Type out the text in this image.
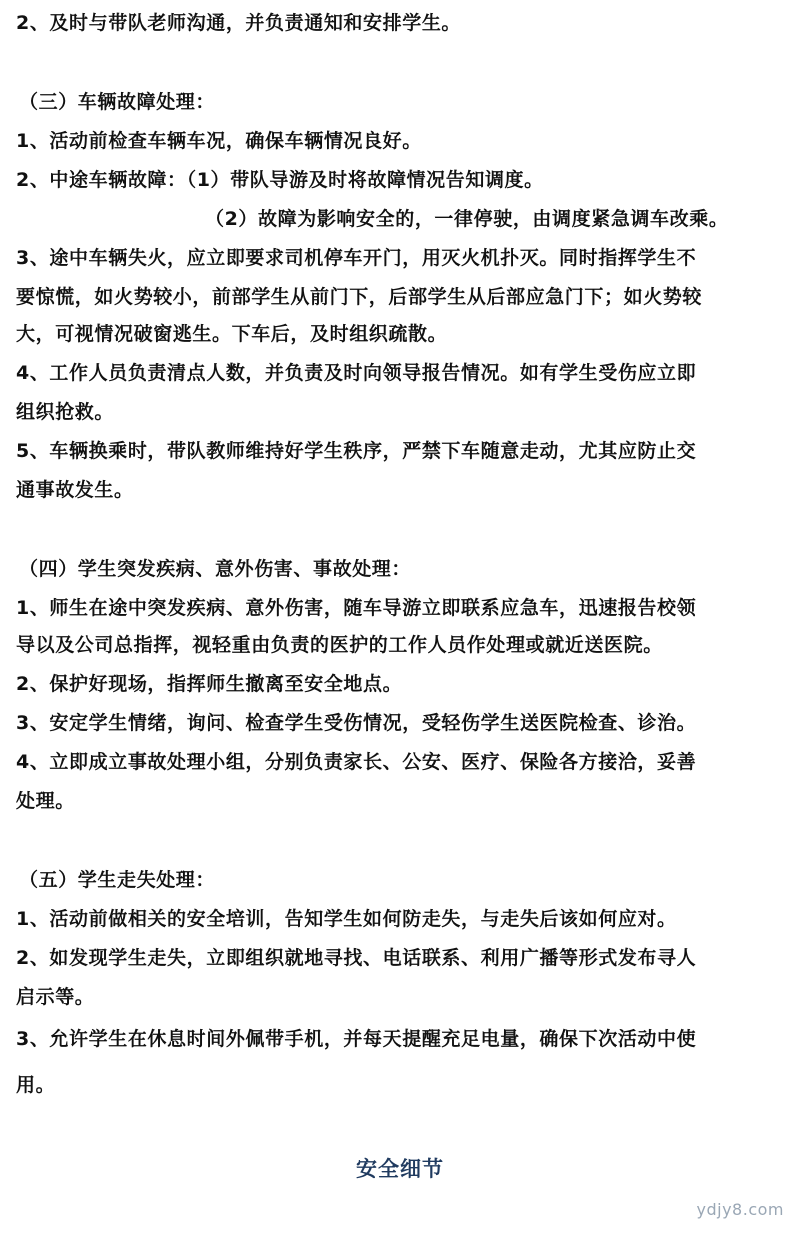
2、及时与带队老师沟通，并负责通知和安排学生。
（三）车辆故障处理：
1、活动前检查车辆车况，确保车辆情况良好。
2、中途车辆故障：（1）带队导游及时将故障情况告知调度。
（2）故障为影响安全的，一律停驶，由调度紧急调车改乘。
3、途中车辆失火，应立即要求司机停车开门，用灭火机扑灭。同时指挥学生不
要惊慌，如火势较小，前部学生从前门下，后部学生从后部应急门下；如火势较
大，可视情况破窗逃生。下车后，及时组织疏散。
4、工作人员负责清点人数，并负责及时向领导报告情况。如有学生受伤应立即
组织抢救。
5、车辆换乘时，带队教师维持好学生秩序，严禁下车随意走动，尤其应防止交
通事故发生。
（四）学生突发疾病、意外伤害、事故处理：
1、师生在途中突发疾病、意外伤害，随车导游立即联系应急车，迅速报告校领
导以及公司总指挥，视轻重由负责的医护的工作人员作处理或就近送医院。
2、保护好现场，指挥师生撤离至安全地点。
3、安定学生情绪，询问、检查学生受伤情况，受轻伤学生送医院检查、诊治。
4、立即成立事故处理小组，分别负责家长、公安、医疗、保险各方接洽，妥善
处理。
（五）学生走失处理：
1、活动前做相关的安全培训，告知学生如何防走失，与走失后该如何应对。
2、如发现学生走失，立即组织就地寻找、电话联系、利用广播等形式发布寻人
启示等。
3、允许学生在休息时间外佩带手机，并每天提醒充足电量，确保下次活动中使
用。
安全细节
ydjy8.com
